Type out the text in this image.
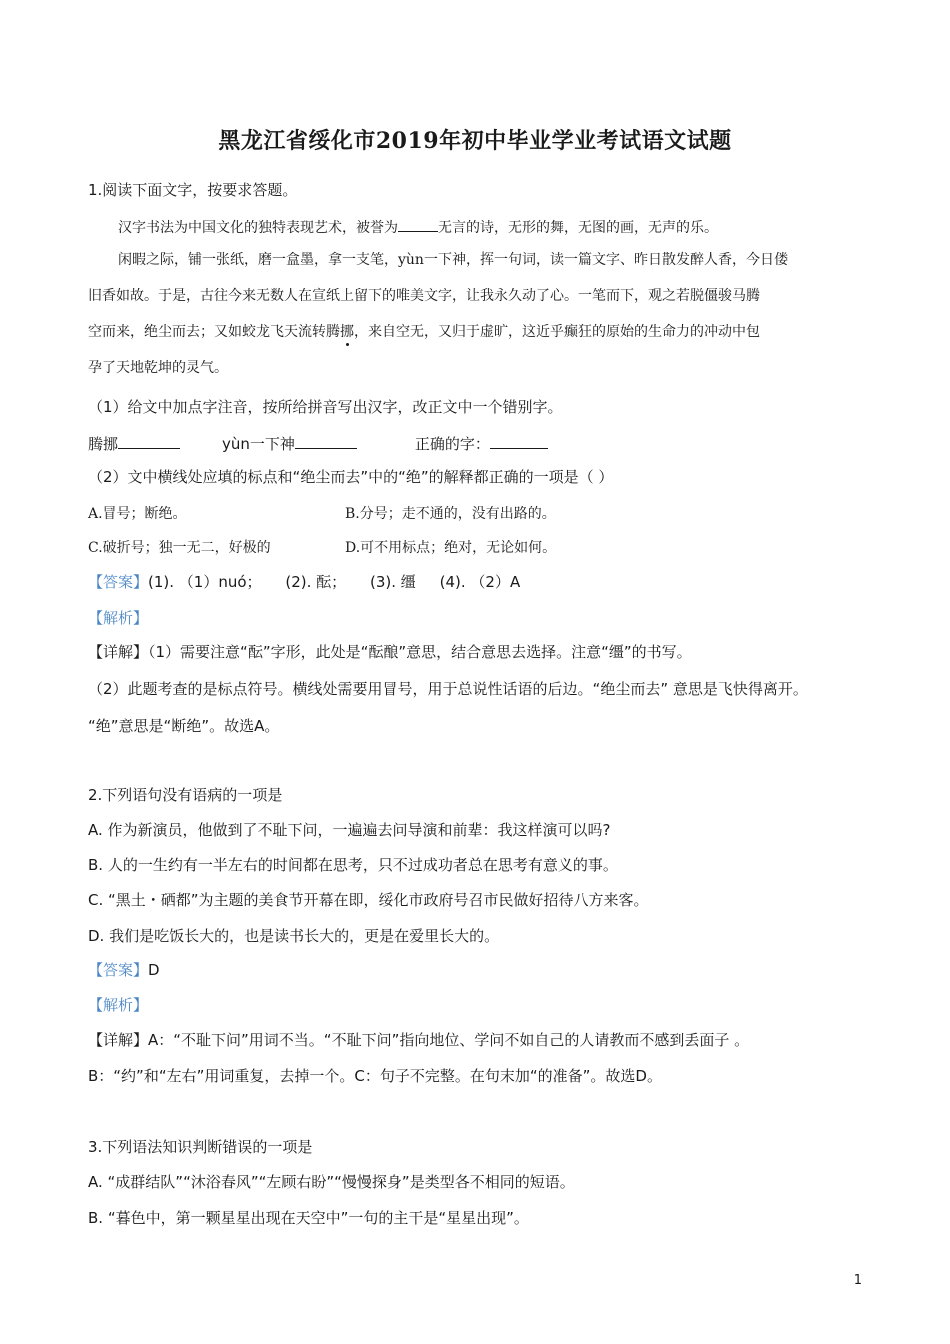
黑龙江省绥化市2019年初中毕业学业考试语文试题
1.阅读下面文字，按要求答题。
汉字书法为中国文化的独特表现艺术，被誉为	无言的诗，无形的舞，无图的画，无声的乐。
闲暇之际，铺一张纸，磨一盒墨，拿一支笔，yùn一下神，挥一句词，读一篇文字、昨日散发醉人香，今日偻
旧香如故。于是，古往今来无数人在宣纸上留下的唯美文字，让我永久动了心。一笔而下，观之若脱僵骏马腾
空而来，绝尘而去；又如蛟龙飞天流转腾挪，来自空无，又归于虚旷，这近乎癫狂的原始的生命力的冲动中包
孕了天地乾坤的灵气。
（1）给文中加点字注音，按所给拼音写出汉字，改正文中一个错别字。
腾挪	yùn一下神	正确的字：
（2）文中横线处应填的标点和“绝尘而去”中的“绝”的解释都正确的一项是（ ）
A.冒号；断绝。	B.分号；走不通的，没有出路的。
C.破折号；独一无二，好极的	D.可不用标点；绝对，无论如何。
【答案】(1). （1）nuó；     (2). 酝；     (3). 缰     (4). （2）A
【解析】
【详解】（1）需要注意“酝”字形，此处是“酝酿”意思，结合意思去选择。注意“缰”的书写。
（2）此题考查的是标点符号。横线处需要用冒号，用于总说性话语的后边。“绝尘而去” 意思是飞快得离开。
“绝”意思是“断绝”。故选A。
2.下列语句没有语病的一项是
A. 作为新演员，他做到了不耻下问，一遍遍去问导演和前辈：我这样演可以吗?
B. 人的一生约有一半左右的时间都在思考，只不过成功者总在思考有意义的事。
C. “黑土・硒都”为主题的美食节开幕在即，绥化市政府号召市民做好招待八方来客。
D. 我们是吃饭长大的，也是读书长大的，更是在爱里长大的。
【答案】D
【解析】
【详解】A：“不耻下问”用词不当。“不耻下问”指向地位、学问不如自己的人请教而不感到丢面子 。
B：“约”和“左右”用词重复，去掉一个。C：句子不完整。在句末加“的准备”。故选D。
3.下列语法知识判断错误的一项是
A. “成群结队”“沐浴春风”“左顾右盼”“慢慢探身”是类型各不相同的短语。
B. “暮色中，第一颗星星出现在天空中”一句的主干是“星星出现”。
1
